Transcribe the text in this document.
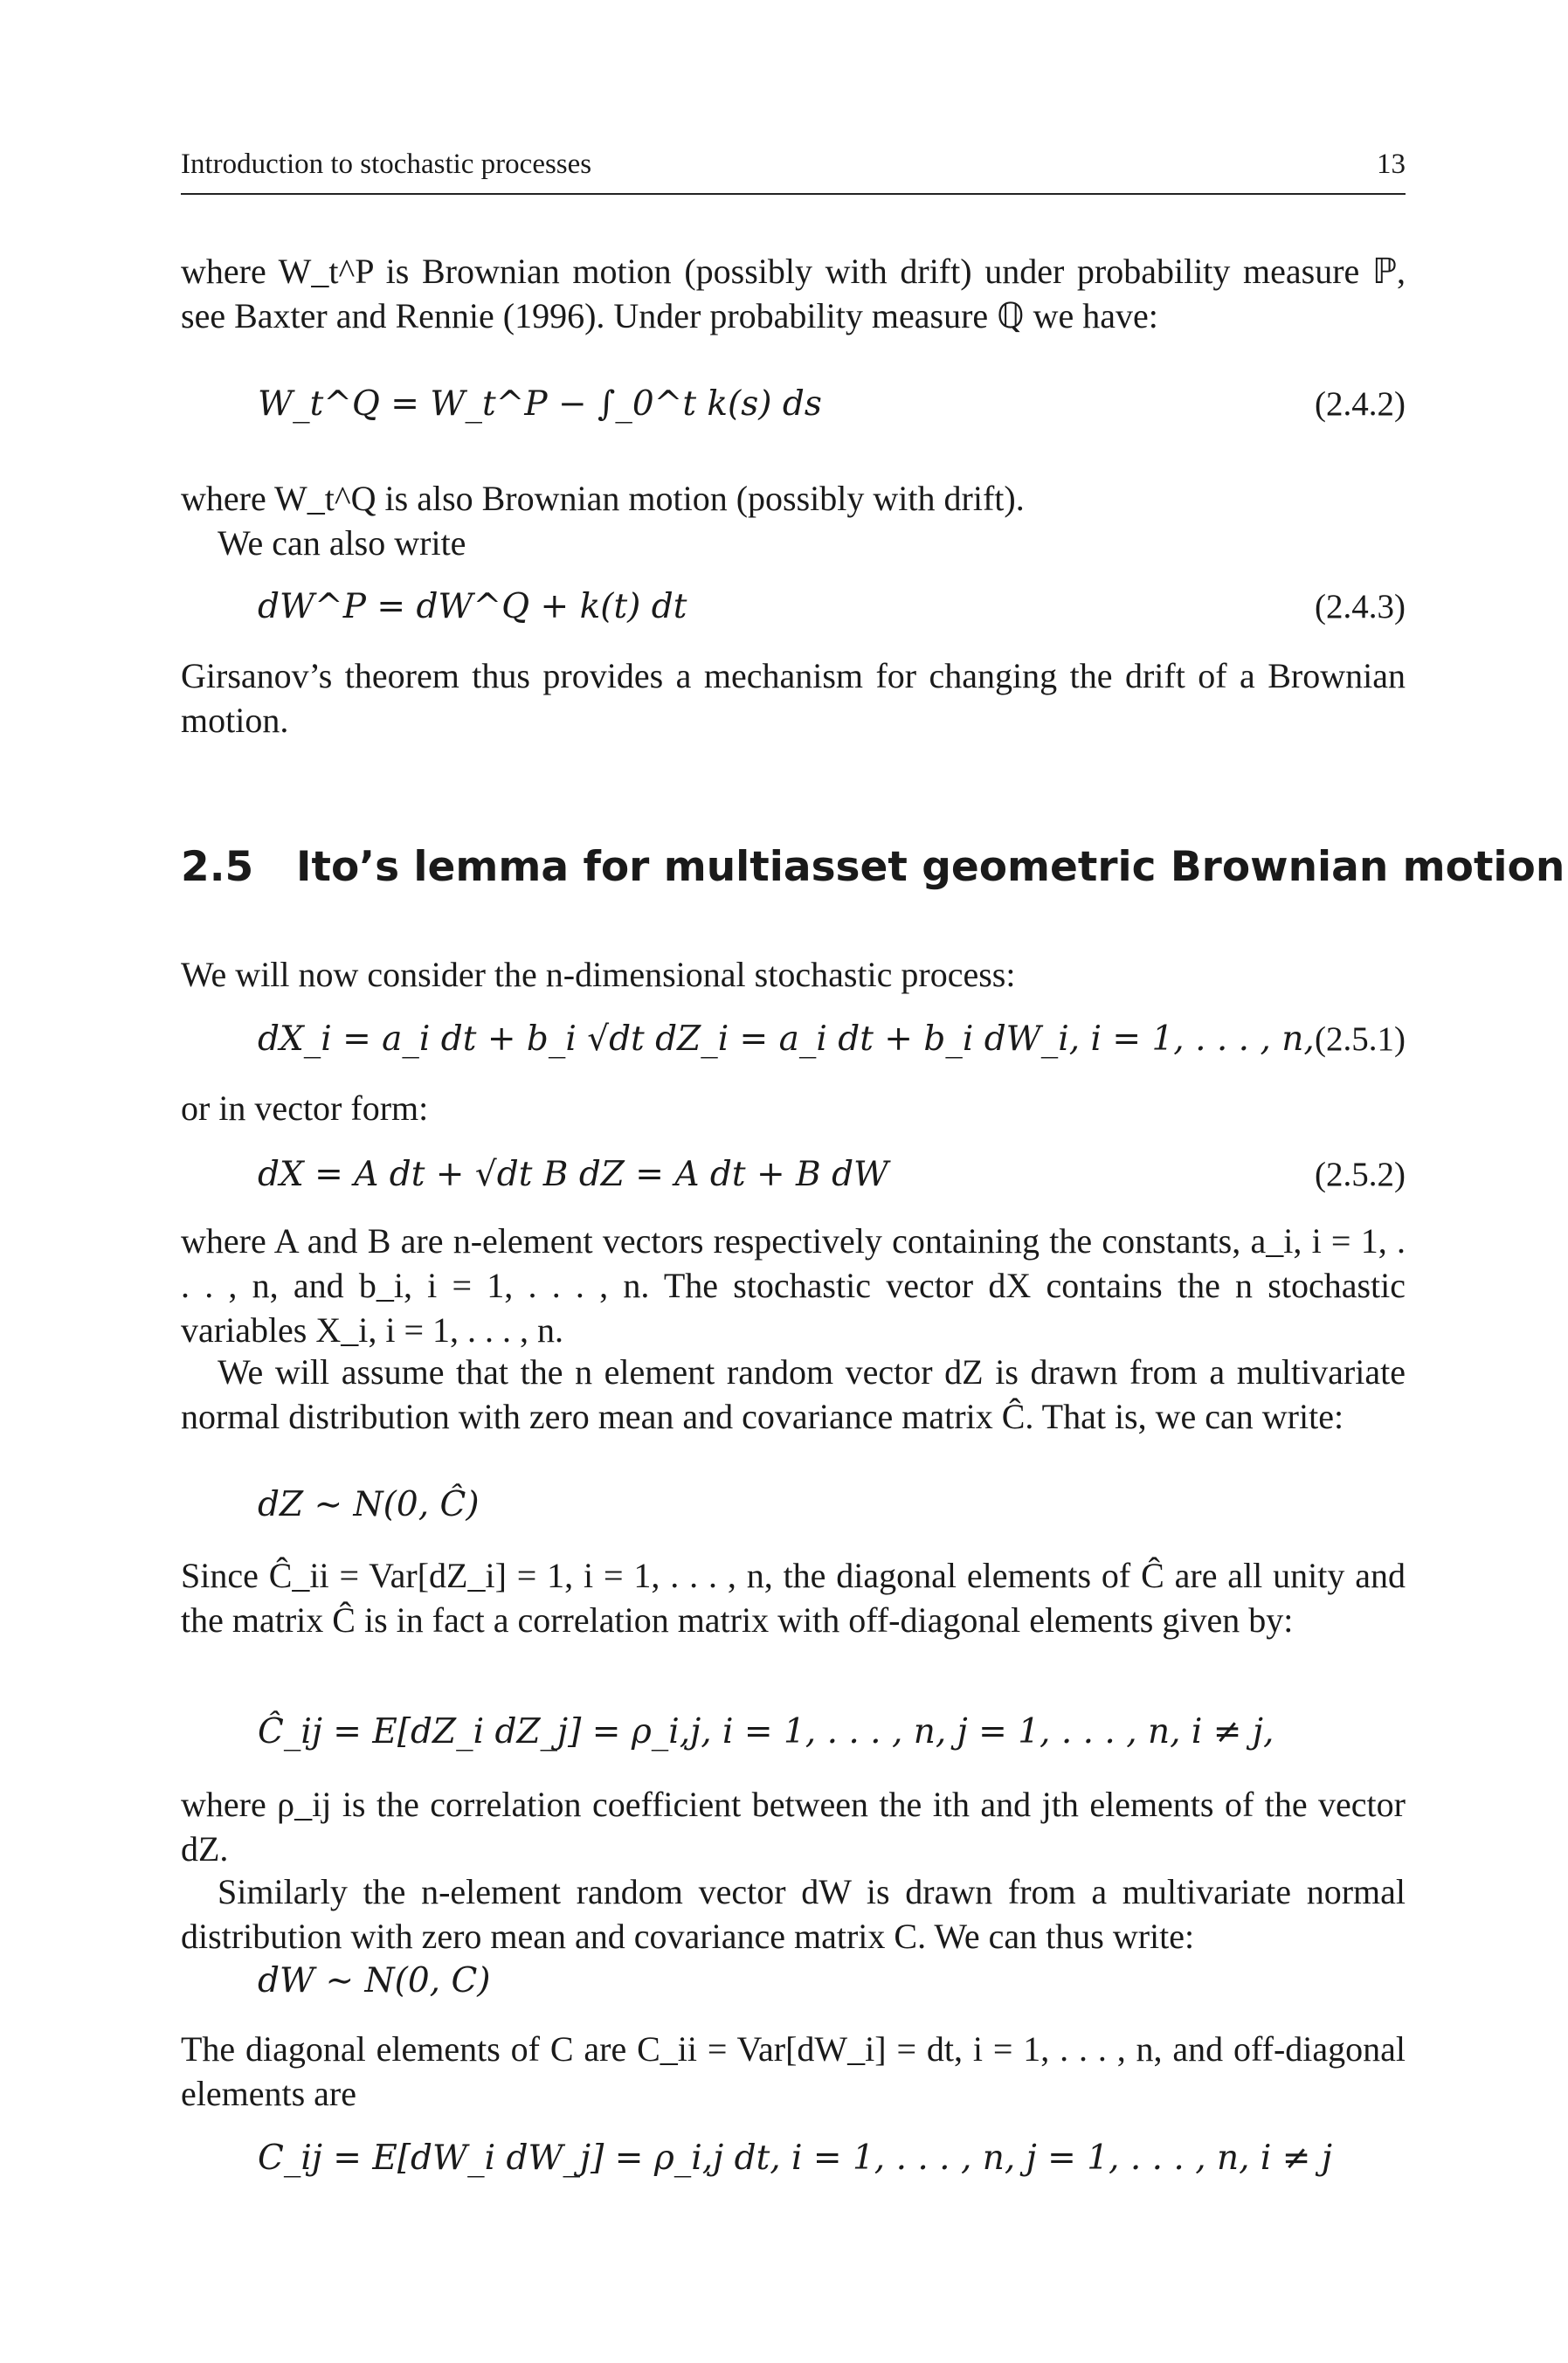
Introduction to stochastic processes	13

where W_t^P is Brownian motion (possibly with drift) under probability measure ℙ, see Baxter and Rennie (1996). Under probability measure ℚ we have:

W_t^Q = W_t^P − ∫_0^t k(s) ds	(2.4.2)

where W_t^Q is also Brownian motion (possibly with drift).

We can also write

dW^P = dW^Q + k(t) dt	(2.4.3)

Girsanov’s theorem thus provides a mechanism for changing the drift of a Brownian motion.

2.5 Ito’s lemma for multiasset geometric Brownian motion

We will now consider the n-dimensional stochastic process:

dX_i = a_i dt + b_i √dt dZ_i = a_i dt + b_i dW_i, i = 1, . . . , n, (2.5.1)

or in vector form:

dX = A dt + √dt B dZ = A dt + B dW	(2.5.2)

where A and B are n-element vectors respectively containing the constants, a_i, i = 1, . . . , n, and b_i, i = 1, . . . , n. The stochastic vector dX contains the n stochastic variables X_i, i = 1, . . . , n.

We will assume that the n element random vector dZ is drawn from a multivariate normal distribution with zero mean and covariance matrix Ĉ. That is, we can write:

dZ ∼ N(0, Ĉ)

Since Ĉ_ii = Var[dZ_i] = 1, i = 1, . . . , n, the diagonal elements of Ĉ are all unity and the matrix Ĉ is in fact a correlation matrix with off-diagonal elements given by:

Ĉ_ij = E[dZ_i dZ_j] = ρ_i,j, i = 1, . . . , n, j = 1, . . . , n, i ≠ j,

where ρ_ij is the correlation coefficient between the ith and jth elements of the vector dZ.

Similarly the n-element random vector dW is drawn from a multivariate normal distribution with zero mean and covariance matrix C. We can thus write:

dW ∼ N(0, C)

The diagonal elements of C are C_ii = Var[dW_i] = dt, i = 1, . . . , n, and off-diagonal elements are

C_ij = E[dW_i dW_j] = ρ_i,j dt, i = 1, . . . , n, j = 1, . . . , n, i ≠ j
